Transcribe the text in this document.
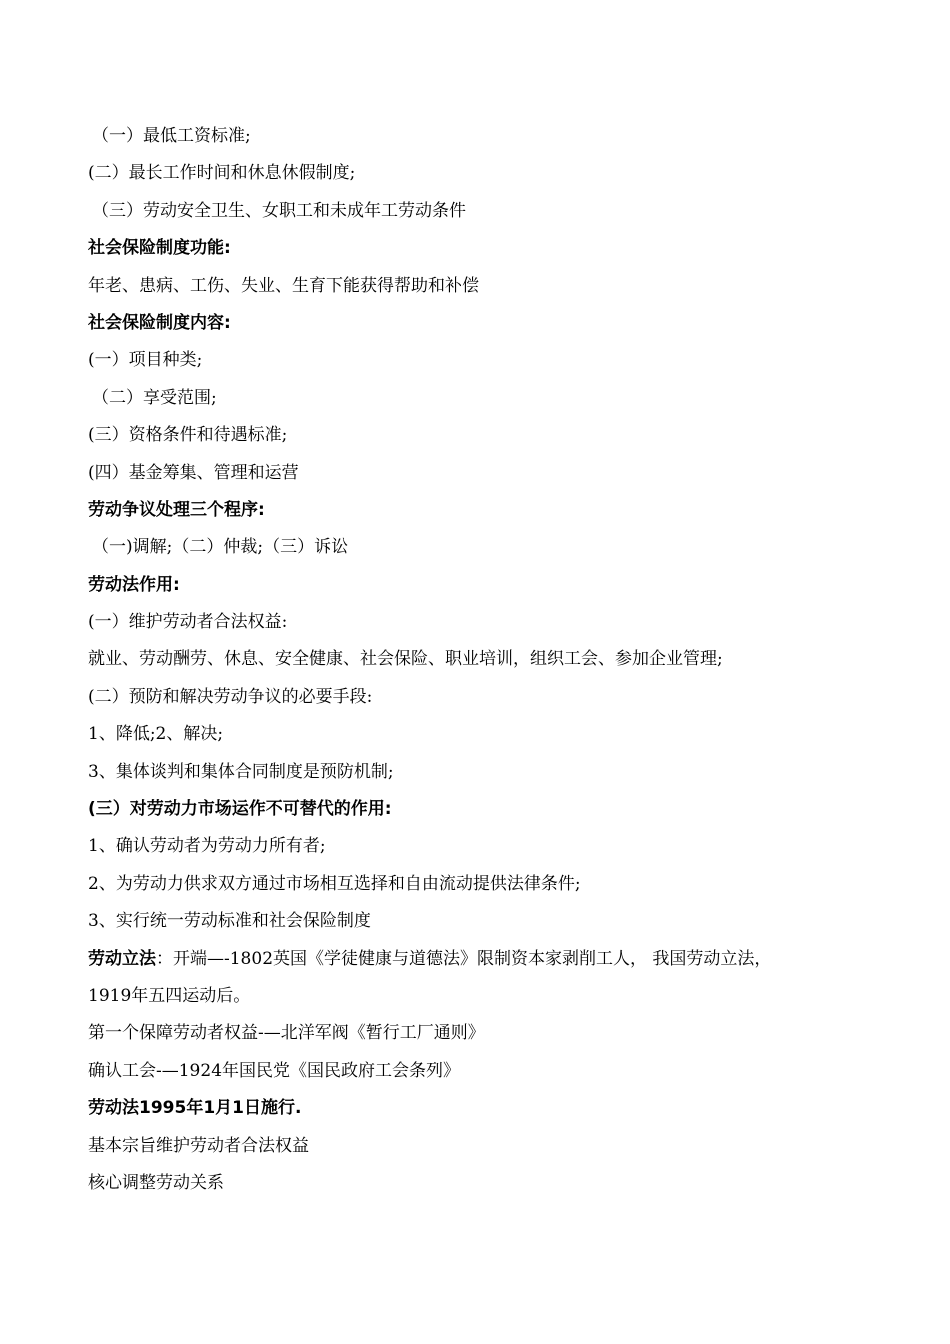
（一）最低工资标准;
(二）最长工作时间和休息休假制度;
（三）劳动安全卫生、女职工和未成年工劳动条件
社会保险制度功能:
年老、患病、工伤、失业、生育下能获得帮助和补偿
社会保险制度内容:
(一）项目种类;
（二）享受范围;
(三）资格条件和待遇标准;
(四）基金筹集、管理和运营
劳动争议处理三个程序:
（一)调解;（二）仲裁;（三）诉讼
劳动法作用:
(一）维护劳动者合法权益:
就业、劳动酬劳、休息、安全健康、社会保险、职业培训，组织工会、参加企业管理;
(二）预防和解决劳动争议的必要手段:
1、降低;2、解决;
3、集体谈判和集体合同制度是预防机制;
(三）对劳动力市场运作不可替代的作用:
1、确认劳动者为劳动力所有者;
2、为劳动力供求双方通过市场相互选择和自由流动提供法律条件;
3、实行统一劳动标准和社会保险制度
劳动立法：开端—-1802英国《学徒健康与道德法》限制资本家剥削工人， 我国劳动立法，
1919年五四运动后。
第一个保障劳动者权益-—北洋军阀《暂行工厂通则》
确认工会-—1924年国民党《国民政府工会条列》
劳动法1995年1月1日施行.
基本宗旨维护劳动者合法权益
核心调整劳动关系
